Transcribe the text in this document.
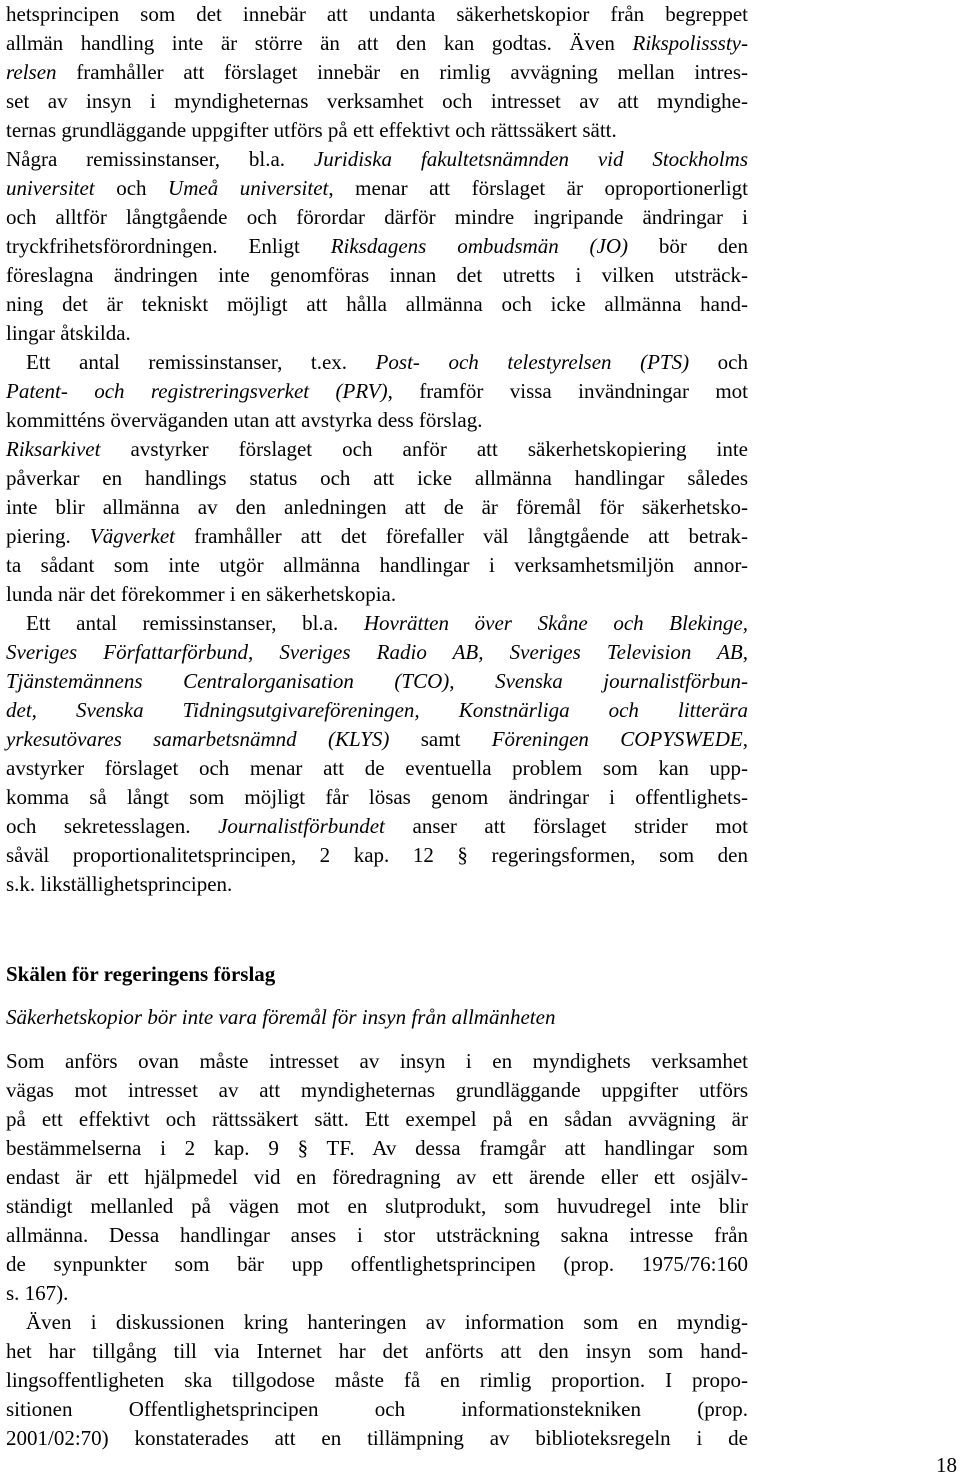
hetsprincipen som det innebär att undanta säkerhetskopior från begreppet
allmän handling inte är större än att den kan godtas. Även Rikspolisssty-
relsen framhåller att förslaget innebär en rimlig avvägning mellan intres-
set av insyn i myndigheternas verksamhet och intresset av att myndighe-
ternas grundläggande uppgifter utförs på ett effektivt och rättssäkert sätt.
Några remissinstanser, bl.a. Juridiska fakultetsnämnden vid Stockholms
universitet och Umeå universitet, menar att förslaget är oproportionerligt
och alltför långtgående och förordar därför mindre ingripande ändringar i
tryckfrihetsförordningen. Enligt Riksdagens ombudsmän (JO) bör den
föreslagna ändringen inte genomföras innan det utretts i vilken utsträck-
ning det är tekniskt möjligt att hålla allmänna och icke allmänna hand-
lingar åtskilda.
Ett antal remissinstanser, t.ex. Post- och telestyrelsen (PTS) och
Patent- och registreringsverket (PRV), framför vissa invändningar mot
kommitténs överväganden utan att avstyrka dess förslag.
Riksarkivet avstyrker förslaget och anför att säkerhetskopiering inte
påverkar en handlings status och att icke allmänna handlingar således
inte blir allmänna av den anledningen att de är föremål för säkerhetsko-
piering. Vägverket framhåller att det förefaller väl långtgående att betrak-
ta sådant som inte utgör allmänna handlingar i verksamhetsmiljön annor-
lunda när det förekommer i en säkerhetskopia.
Ett antal remissinstanser, bl.a. Hovrätten över Skåne och Blekinge,
Sveriges Författarförbund, Sveriges Radio AB, Sveriges Television AB,
Tjänstemännens Centralorganisation (TCO), Svenska journalistförbun-
det, Svenska Tidningsutgivareföreningen, Konstnärliga och litterära
yrkesutövares samarbetsnämnd (KLYS) samt Föreningen COPYSWEDE,
avstyrker förslaget och menar att de eventuella problem som kan upp-
komma så långt som möjligt får lösas genom ändringar i offentlighets-
och sekretesslagen. Journalistförbundet anser att förslaget strider mot
såväl proportionalitetsprincipen, 2 kap. 12 § regeringsformen, som den
s.k. likställighetsprincipen.
Skälen för regeringens förslag
Säkerhetskopior bör inte vara föremål för insyn från allmänheten
Som anförs ovan måste intresset av insyn i en myndighets verksamhet
vägas mot intresset av att myndigheternas grundläggande uppgifter utförs
på ett effektivt och rättssäkert sätt. Ett exempel på en sådan avvägning är
bestämmelserna i 2 kap. 9 § TF. Av dessa framgår att handlingar som
endast är ett hjälpmedel vid en föredragning av ett ärende eller ett osjälv-
ständigt mellanled på vägen mot en slutprodukt, som huvudregel inte blir
allmänna. Dessa handlingar anses i stor utsträckning sakna intresse från
de synpunkter som bär upp offentlighetsprincipen (prop. 1975/76:160
s. 167).
Även i diskussionen kring hanteringen av information som en myndig-
het har tillgång till via Internet har det anförts att den insyn som hand-
lingsoffentligheten ska tillgodose måste få en rimlig proportion. I propo-
sitionen Offentlighetsprincipen och informationstekniken (prop.
2001/02:70) konstaterades att en tillämpning av biblioteksregeln i de
18
